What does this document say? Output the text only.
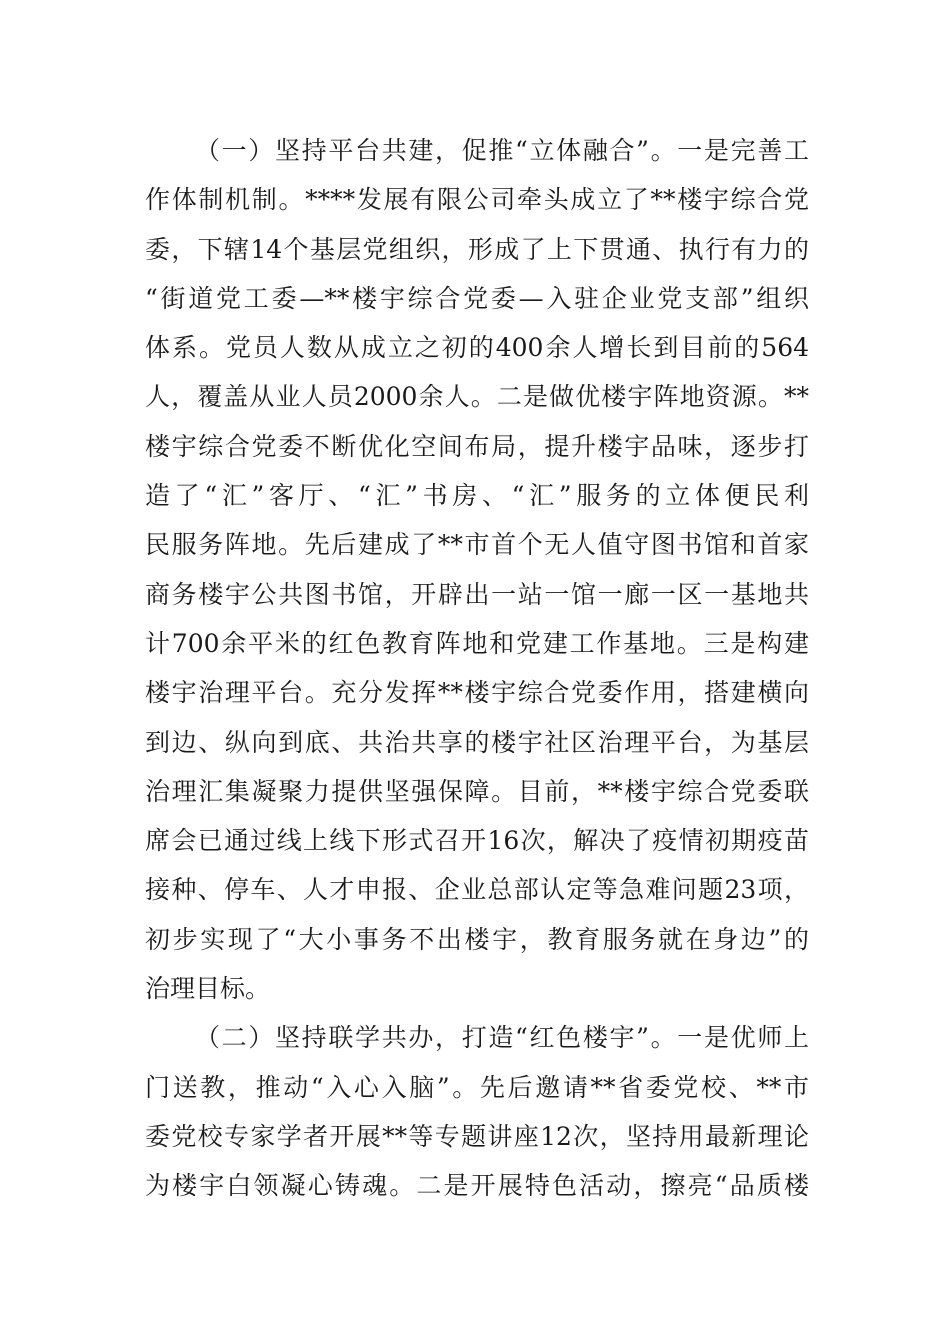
（一）坚持平台共建，促推“立体融合”。一是完善工
作体制机制。****发展有限公司牵头成立了**楼宇综合党
委，下辖14个基层党组织，形成了上下贯通、执行有力的
“街道党工委—**楼宇综合党委—入驻企业党支部”组织
体系。党员人数从成立之初的400余人增长到目前的564
人，覆盖从业人员2000余人。二是做优楼宇阵地资源。**
楼宇综合党委不断优化空间布局，提升楼宇品味，逐步打
造了“汇”客厅、“汇”书房、“汇”服务的立体便民利
民服务阵地。先后建成了**市首个无人值守图书馆和首家
商务楼宇公共图书馆，开辟出一站一馆一廊一区一基地共
计700余平米的红色教育阵地和党建工作基地。三是构建
楼宇治理平台。充分发挥**楼宇综合党委作用，搭建横向
到边、纵向到底、共治共享的楼宇社区治理平台，为基层
治理汇集凝聚力提供坚强保障。目前，**楼宇综合党委联
席会已通过线上线下形式召开16次，解决了疫情初期疫苗
接种、停车、人才申报、企业总部认定等急难问题23项，
初步实现了“大小事务不出楼宇，教育服务就在身边”的
治理目标。
（二）坚持联学共办，打造“红色楼宇”。一是优师上
门送教，推动“入心入脑”。先后邀请**省委党校、**市
委党校专家学者开展**等专题讲座12次，坚持用最新理论
为楼宇白领凝心铸魂。二是开展特色活动，擦亮“品质楼
